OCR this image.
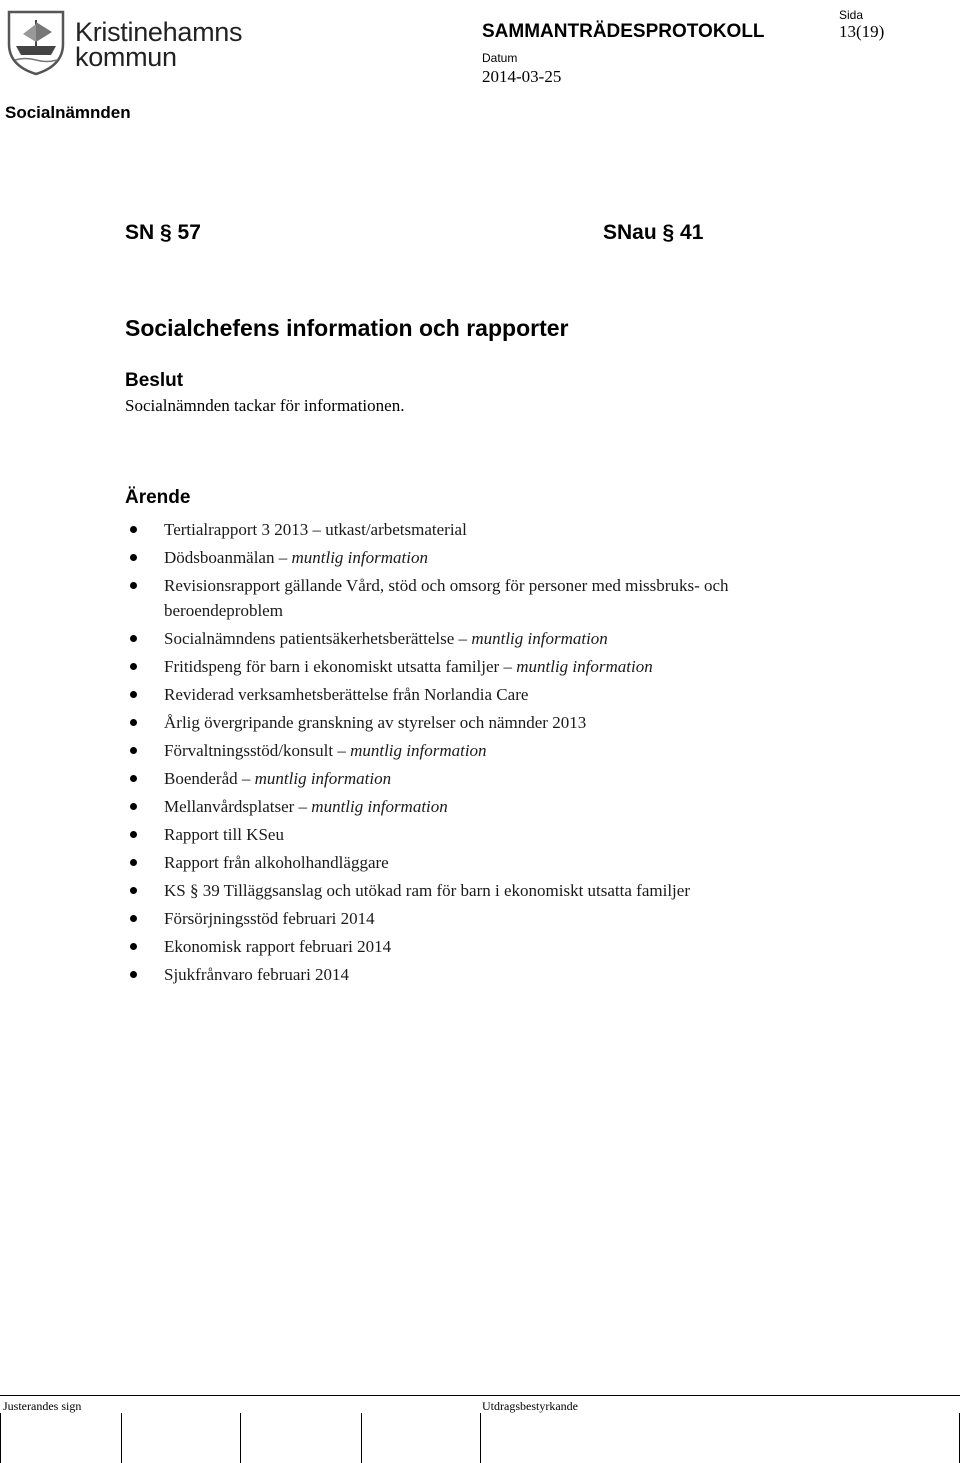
Kristinehamns
kommun
SAMMANTRÄDESPROTOKOLL
Datum
2014-03-25
Sida
13(19)
Socialnämnden
SN § 57	SNau § 41
Socialchefens information och rapporter
Beslut
Socialnämnden tackar för informationen.
Ärende
Tertialrapport 3 2013 – utkast/arbetsmaterial
Dödsboanmälan – muntlig information
Revisionsrapport gällande Vård, stöd och omsorg för personer med missbruks- och beroendeproblem
Socialnämndens patientsäkerhetsberättelse – muntlig information
Fritidspeng för barn i ekonomiskt utsatta familjer – muntlig information
Reviderad verksamhetsberättelse från Norlandia Care
Årlig övergripande granskning av styrelser och nämnder 2013
Förvaltningsstöd/konsult – muntlig information
Boenderåd – muntlig information
Mellanvårdsplatser – muntlig information
Rapport till KSeu
Rapport från alkoholhandläggare
KS § 39 Tilläggsanslag och utökad ram för barn i ekonomiskt utsatta familjer
Försörjningsstöd februari 2014
Ekonomisk rapport februari 2014
Sjukfrånvaro februari 2014
Justerandes sign	Utdragsbestyrkande
